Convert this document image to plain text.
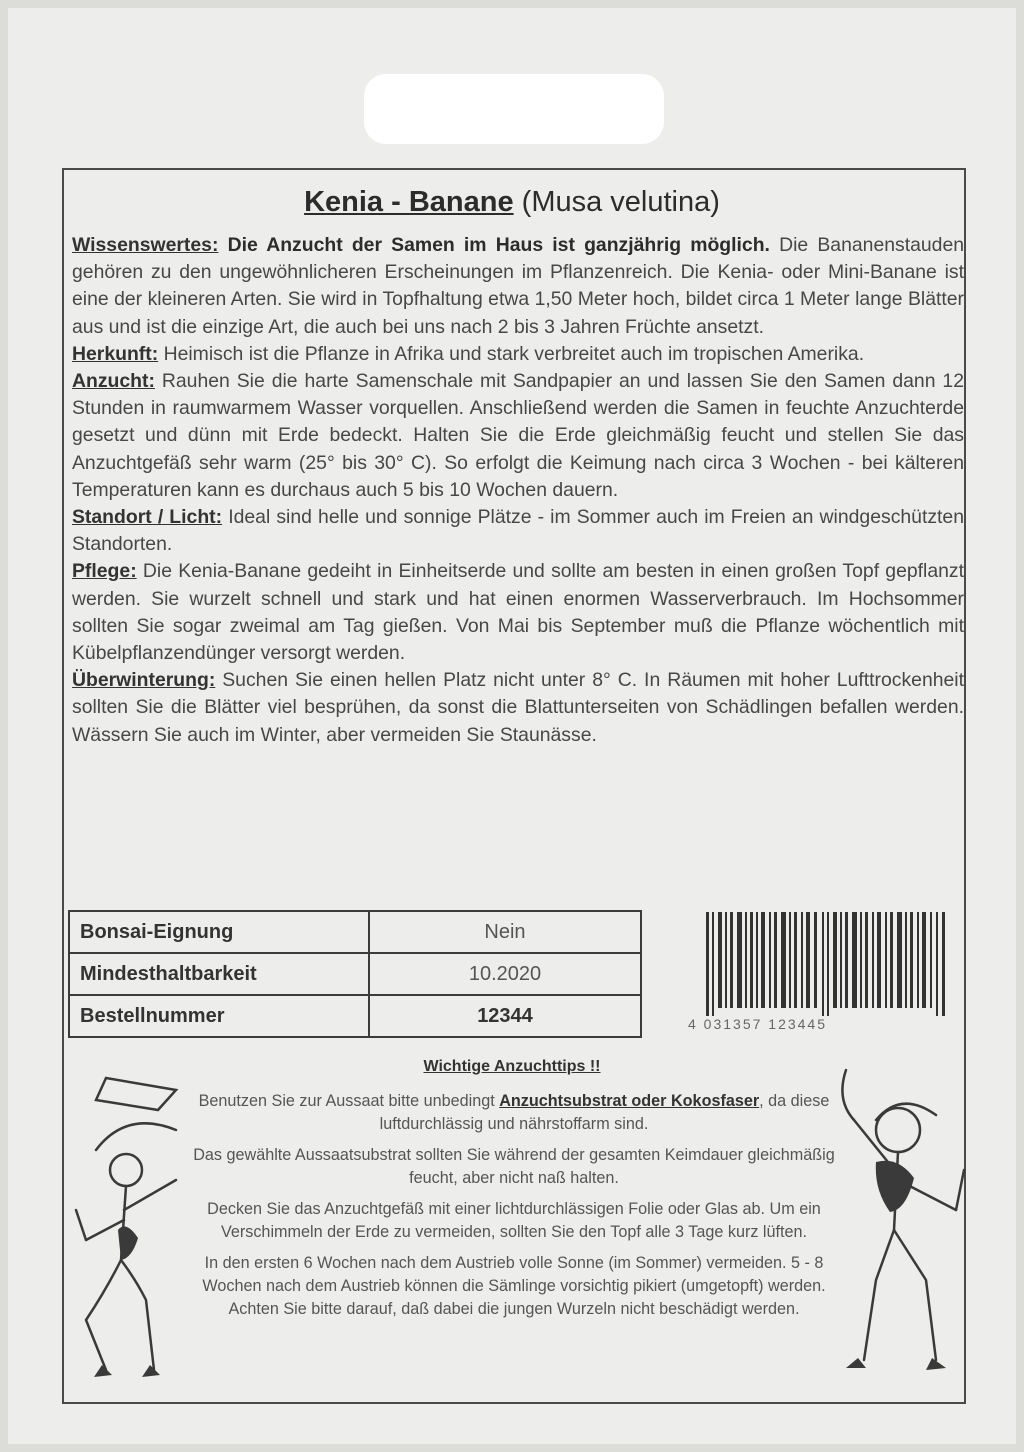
Kenia - Banane (Musa velutina)

Wissenswertes: Die Anzucht der Samen im Haus ist ganzjährig möglich. Die Bananenstauden gehören zu den ungewöhnlicheren Erscheinungen im Pflanzenreich. Die Kenia- oder Mini-Banane ist eine der kleineren Arten. Sie wird in Topfhaltung etwa 1,50 Meter hoch, bildet circa 1 Meter lange Blätter aus und ist die einzige Art, die auch bei uns nach 2 bis 3 Jahren Früchte ansetzt.

Herkunft: Heimisch ist die Pflanze in Afrika und stark verbreitet auch im tropischen Amerika.

Anzucht: Rauhen Sie die harte Samenschale mit Sandpapier an und lassen Sie den Samen dann 12 Stunden in raumwarmem Wasser vorquellen. Anschließend werden die Samen in feuchte Anzuchterde gesetzt und dünn mit Erde bedeckt. Halten Sie die Erde gleichmäßig feucht und stellen Sie das Anzuchtgefäß sehr warm (25° bis 30° C). So erfolgt die Keimung nach circa 3 Wochen - bei kälteren Temperaturen kann es durchaus auch 5 bis 10 Wochen dauern.

Standort / Licht: Ideal sind helle und sonnige Plätze - im Sommer auch im Freien an windgeschützten Standorten.

Pflege: Die Kenia-Banane gedeiht in Einheitserde und sollte am besten in einen großen Topf gepflanzt werden. Sie wurzelt schnell und stark und hat einen enormen Wasserverbrauch. Im Hochsommer sollten Sie sogar zweimal am Tag gießen. Von Mai bis September muß die Pflanze wöchentlich mit Kübelpflanzendünger versorgt werden.

Überwinterung: Suchen Sie einen hellen Platz nicht unter 8° C. In Räumen mit hoher Lufttrockenheit sollten Sie die Blätter viel besprühen, da sonst die Blattunterseiten von Schädlingen befallen werden. Wässern Sie auch im Winter, aber vermeiden Sie Staunässe.

Bonsai-Eignung	Nein
Mindesthaltbarkeit	10.2020
Bestellnummer	12344	4 031357 123445
Wichtige Anzuchttips !!

Benutzen Sie zur Aussaat bitte unbedingt Anzuchtsubstrat oder Kokosfaser, da diese luftdurchlässig und nährstoffarm sind.

Das gewählte Aussaatsubstrat sollten Sie während der gesamten Keimdauer gleichmäßig feucht, aber nicht naß halten.

Decken Sie das Anzuchtgefäß mit einer lichtdurchlässigen Folie oder Glas ab. Um ein Verschimmeln der Erde zu vermeiden, sollten Sie den Topf alle 3 Tage kurz lüften.

In den ersten 6 Wochen nach dem Austrieb volle Sonne (im Sommer) vermeiden. 5 - 8 Wochen nach dem Austrieb können die Sämlinge vorsichtig pikiert (umgetopft) werden. Achten Sie bitte darauf, daß dabei die jungen Wurzeln nicht beschädigt werden.
